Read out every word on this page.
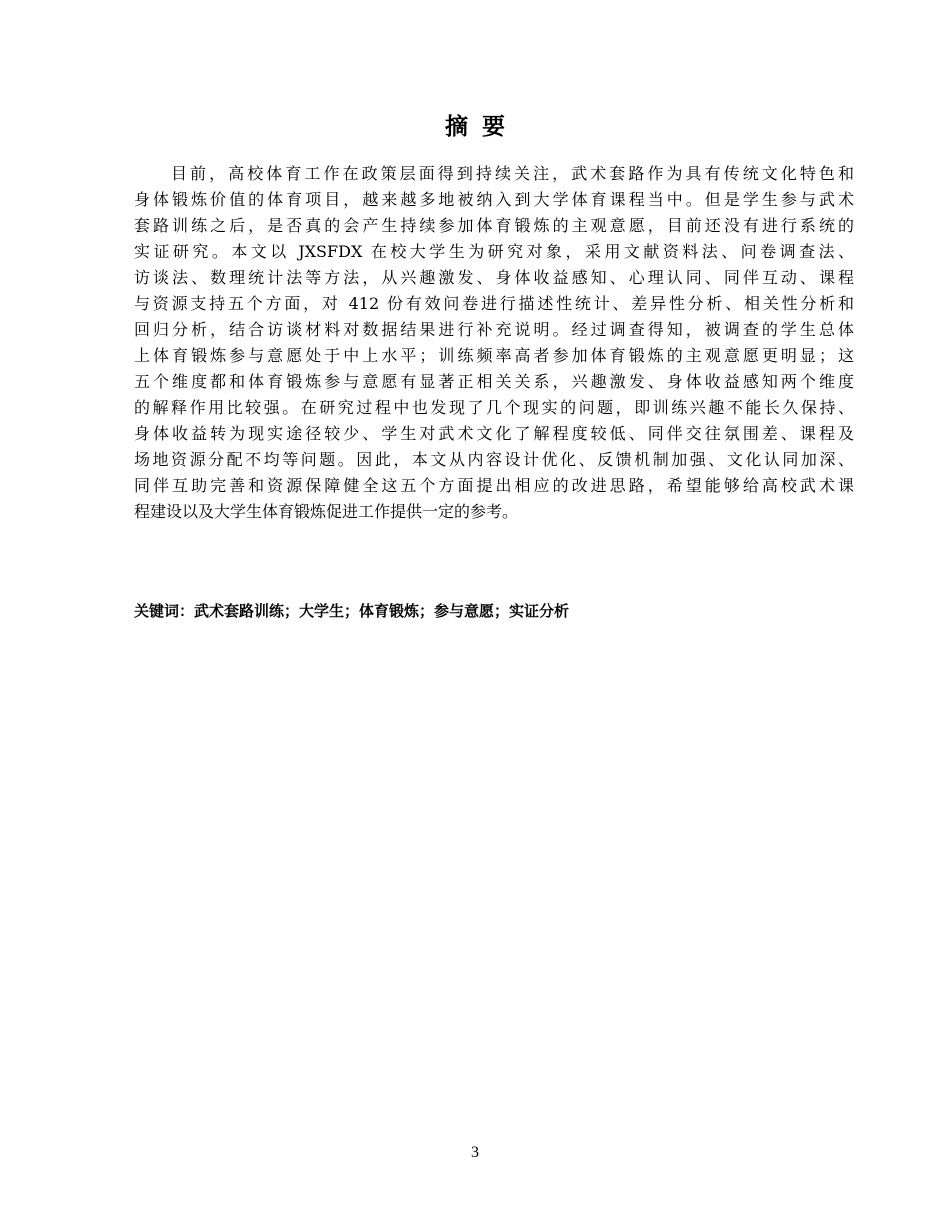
摘要

目前，高校体育工作在政策层面得到持续关注，武术套路作为具有传统文化特色和
身体锻炼价值的体育项目，越来越多地被纳入到大学体育课程当中。但是学生参与武术
套路训练之后，是否真的会产生持续参加体育锻炼的主观意愿，目前还没有进行系统的
实证研究。本文以 JXSFDX 在校大学生为研究对象，采用文献资料法、问卷调查法、
访谈法、数理统计法等方法，从兴趣激发、身体收益感知、心理认同、同伴互动、课程
与资源支持五个方面，对 412 份有效问卷进行描述性统计、差异性分析、相关性分析和
回归分析，结合访谈材料对数据结果进行补充说明。经过调查得知，被调查的学生总体
上体育锻炼参与意愿处于中上水平；训练频率高者参加体育锻炼的主观意愿更明显；这
五个维度都和体育锻炼参与意愿有显著正相关关系，兴趣激发、身体收益感知两个维度
的解释作用比较强。在研究过程中也发现了几个现实的问题，即训练兴趣不能长久保持、
身体收益转为现实途径较少、学生对武术文化了解程度较低、同伴交往氛围差、课程及
场地资源分配不均等问题。因此，本文从内容设计优化、反馈机制加强、文化认同加深、
同伴互助完善和资源保障健全这五个方面提出相应的改进思路，希望能够给高校武术课
程建设以及大学生体育锻炼促进工作提供一定的参考。

关键词：武术套路训练；大学生；体育锻炼；参与意愿；实证分析

3
